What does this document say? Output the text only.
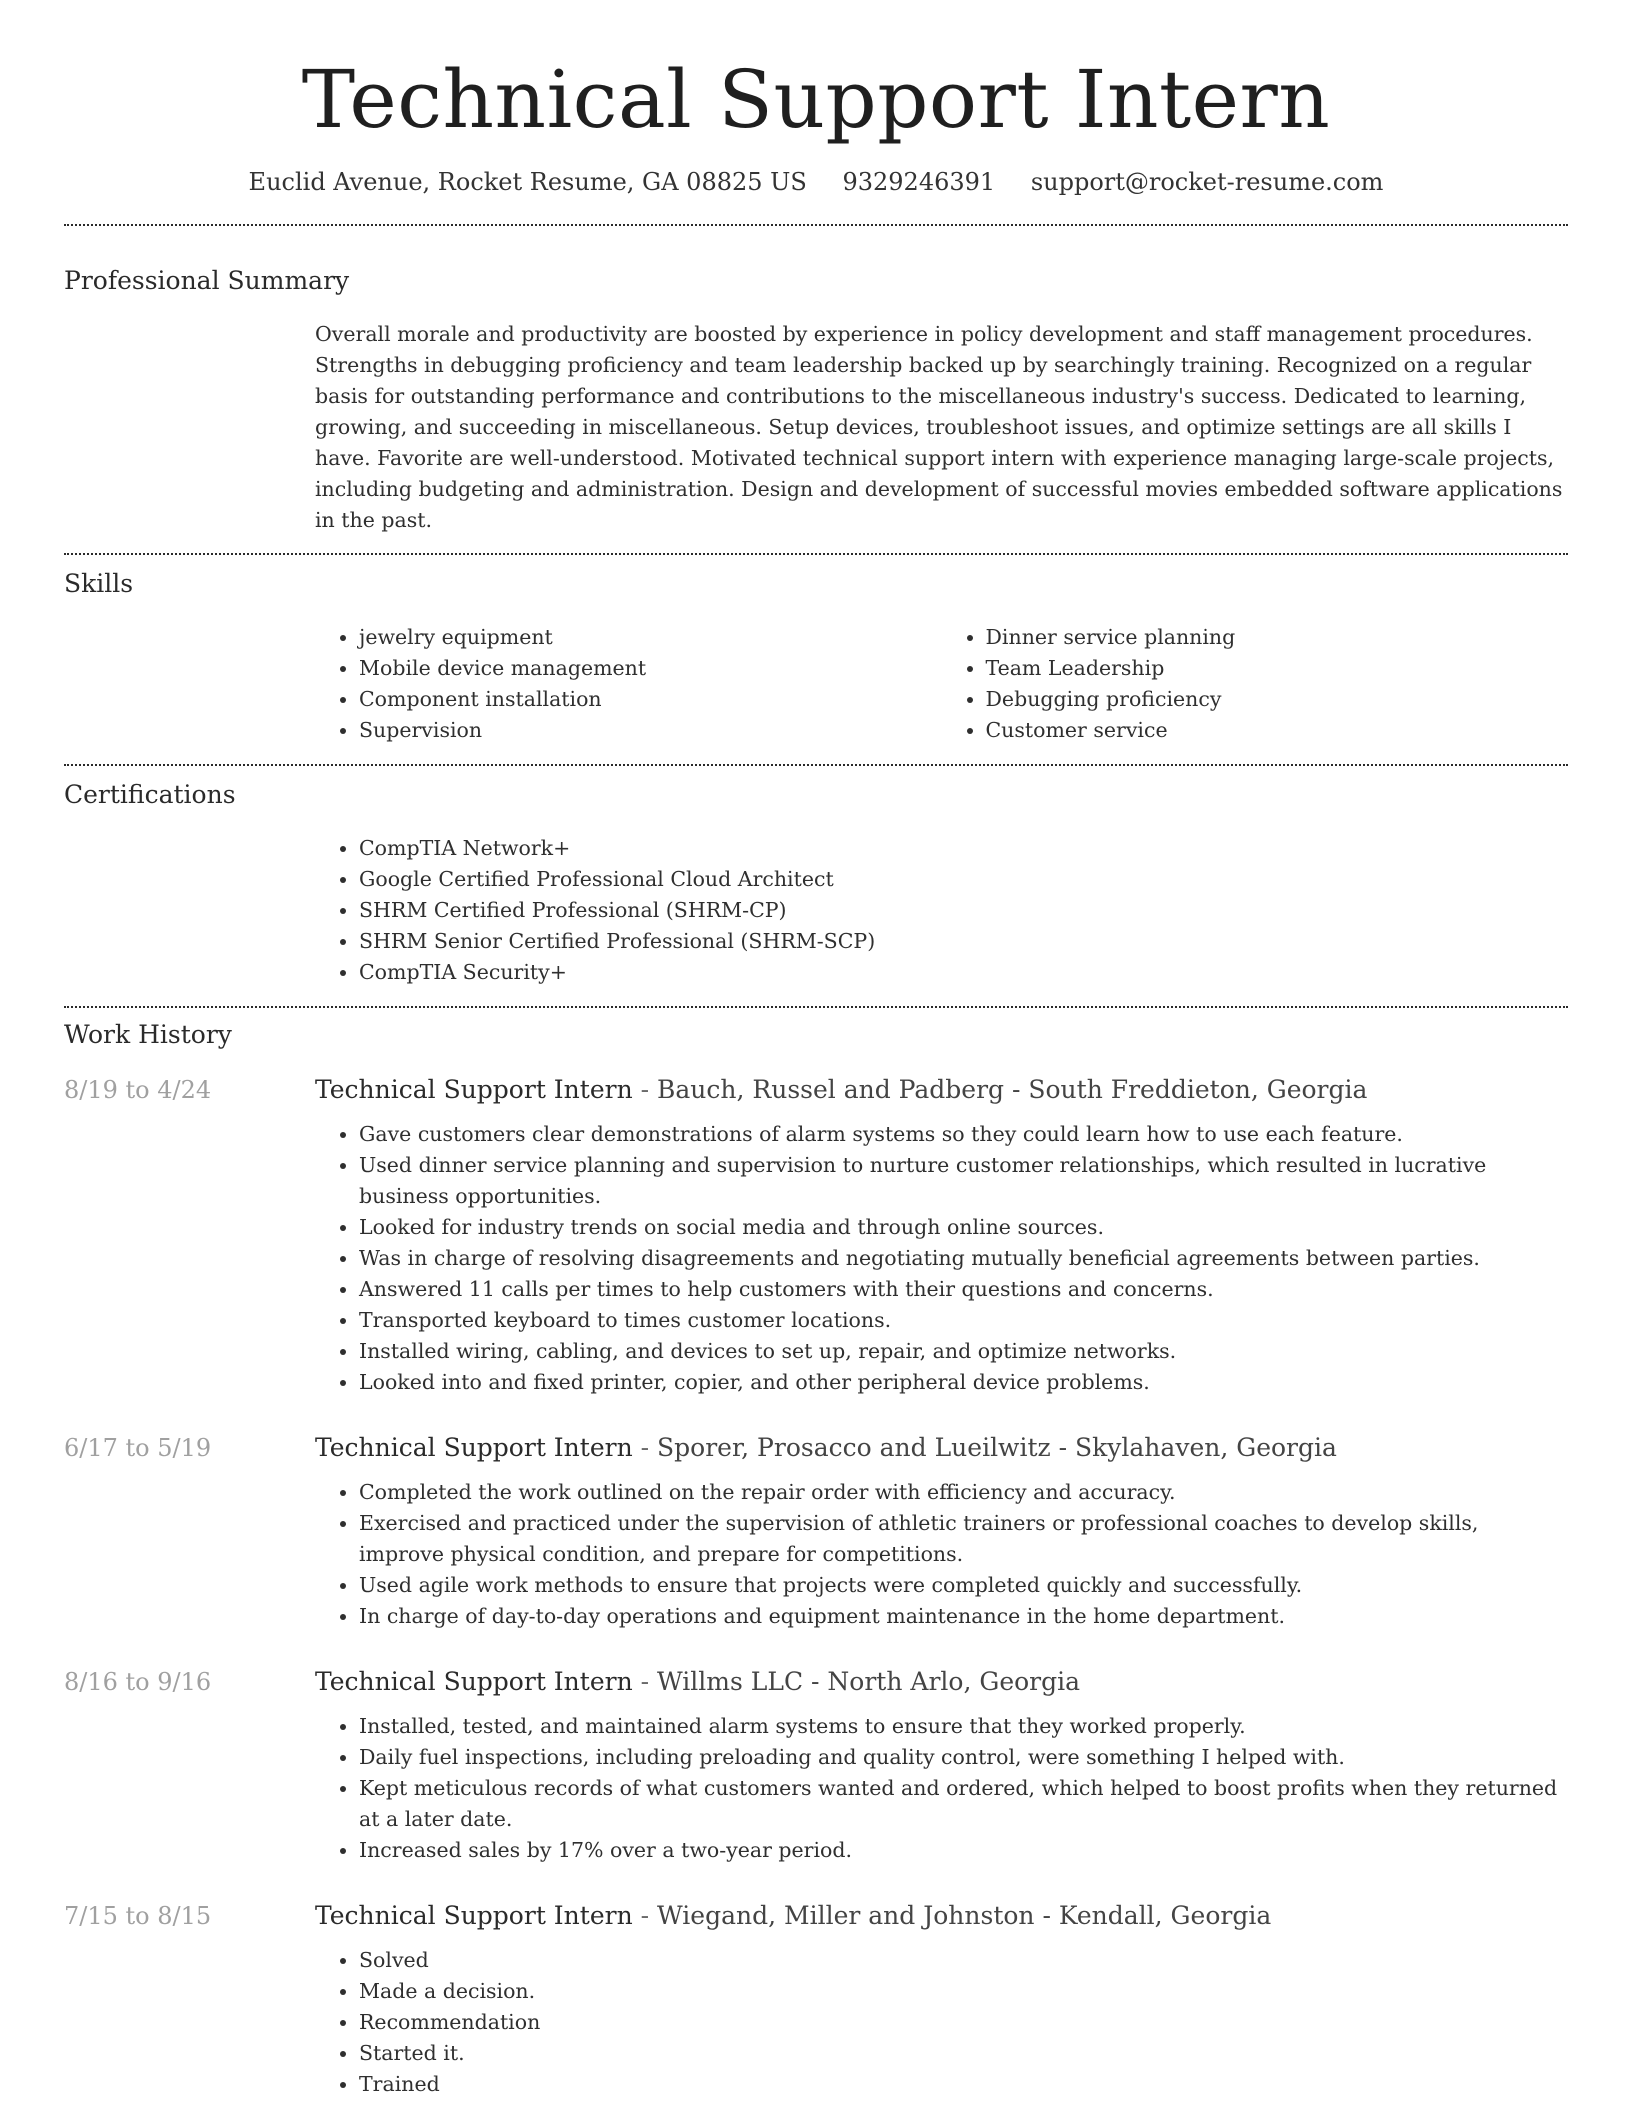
Technical Support Intern
Euclid Avenue, Rocket Resume, GA 08825 US 9329246391 support@rocket-resume.com
Professional Summary
Overall morale and productivity are boosted by experience in policy development and staff management procedures. Strengths in debugging proficiency and team leadership backed up by searchingly training. Recognized on a regular basis for outstanding performance and contributions to the miscellaneous industry's success. Dedicated to learning, growing, and succeeding in miscellaneous. Setup devices, troubleshoot issues, and optimize settings are all skills I have. Favorite are well-understood. Motivated technical support intern with experience managing large-scale projects, including budgeting and administration. Design and development of successful movies embedded software applications in the past.
Skills
• jewelry equipment
• Mobile device management
• Component installation
• Supervision
• Dinner service planning
• Team Leadership
• Debugging proficiency
• Customer service
Certifications
• CompTIA Network+
• Google Certified Professional Cloud Architect
• SHRM Certified Professional (SHRM-CP)
• SHRM Senior Certified Professional (SHRM-SCP)
• CompTIA Security+
Work History
8/19 to 4/24	Technical Support Intern - Bauch, Russel and Padberg - South Freddieton, Georgia
• Gave customers clear demonstrations of alarm systems so they could learn how to use each feature.
• Used dinner service planning and supervision to nurture customer relationships, which resulted in lucrative business opportunities.
• Looked for industry trends on social media and through online sources.
• Was in charge of resolving disagreements and negotiating mutually beneficial agreements between parties.
• Answered 11 calls per times to help customers with their questions and concerns.
• Transported keyboard to times customer locations.
• Installed wiring, cabling, and devices to set up, repair, and optimize networks.
• Looked into and fixed printer, copier, and other peripheral device problems.
6/17 to 5/19	Technical Support Intern - Sporer, Prosacco and Lueilwitz - Skylahaven, Georgia
• Completed the work outlined on the repair order with efficiency and accuracy.
• Exercised and practiced under the supervision of athletic trainers or professional coaches to develop skills, improve physical condition, and prepare for competitions.
• Used agile work methods to ensure that projects were completed quickly and successfully.
• In charge of day-to-day operations and equipment maintenance in the home department.
8/16 to 9/16	Technical Support Intern - Willms LLC - North Arlo, Georgia
• Installed, tested, and maintained alarm systems to ensure that they worked properly.
• Daily fuel inspections, including preloading and quality control, were something I helped with.
• Kept meticulous records of what customers wanted and ordered, which helped to boost profits when they returned at a later date.
• Increased sales by 17% over a two-year period.
7/15 to 8/15	Technical Support Intern - Wiegand, Miller and Johnston - Kendall, Georgia
• Solved
• Made a decision.
• Recommendation
• Started it.
• Trained
